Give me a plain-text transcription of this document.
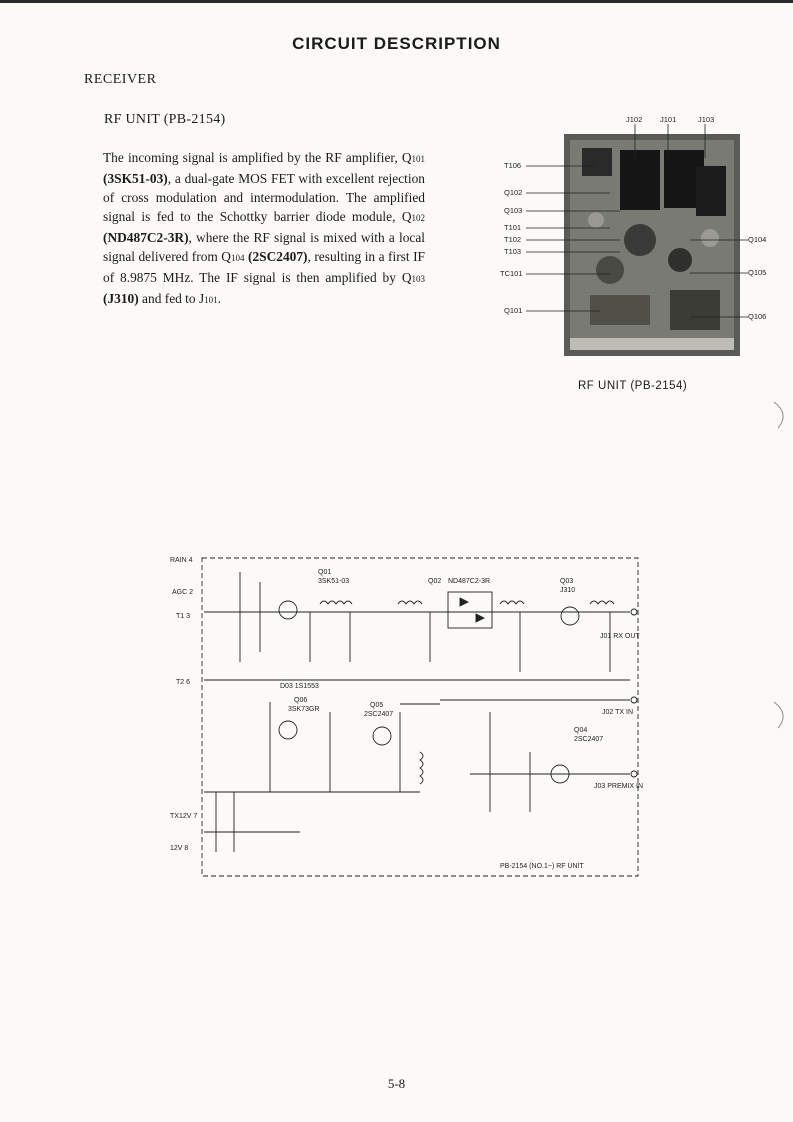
CIRCUIT DESCRIPTION
RECEIVER
RF UNIT (PB-2154)
The incoming signal is amplified by the RF amplifier, Q101 (3SK51-03), a dual-gate MOS FET with excellent rejection of cross modulation and intermodulation. The amplified signal is fed to the Schottky barrier diode module, Q102 (ND487C2-3R), where the RF signal is mixed with a local signal delivered from Q104 (2SC2407), resulting in a first IF of 8.9875 MHz. The IF signal is then amplified by Q103 (J310) and fed to J101.
J102 J101	J103
T106
Q102
Q103
T101
T102
T103
TC101
Q101
Q104
Q105
Q106
RF UNIT (PB-2154)
Q01
3SK51-03	Q02 ND487C2-3R	Q03
J310
Q04
2SC2407
Q05
2SC2407
Q06
3SK73GR
D03 1S1553
RAIN 4
AGC 2
T1 3
T2 6
TX12V 7
12V 8
J01 RX OUT
J02 TX IN
J03 PREMIX IN
PB-2154 (NO.1~) RF UNIT
5-8
